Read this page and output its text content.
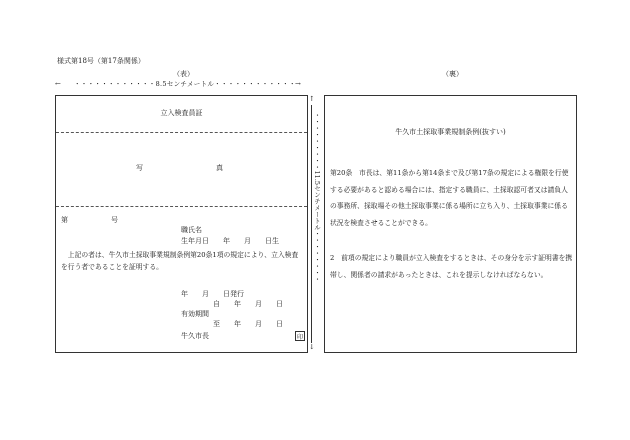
様式第18号（第17条関係）
（表）	（裏）
← ・・・・・・・・・・・・8.5センチメートル・・・・・・・・・・・・ →
立入検査員証
写	真
第	号
職氏名
生年月日　　年　　月　　日生
　上記の者は、牛久市土採取事業規制条例第20条1項の規定により、立入検査を行う者であることを証明する。
年　　月　　日発行
自　　年　　月　　日
有効期間
至　　年　　月　　日
牛久市長	印
↑
・・・・・・・・・11.5センチメートル・・・・・・・・
↓
牛久市土採取事業規制条例(抜すい)
第20条　市長は、第11条から第14条まで及び第17条の規定による権限を行使する必要があると認める場合には、指定する職員に、土採取認可者又は請負人の事務所、採取場その他土採取事業に係る場所に立ち入り、土採取事業に係る状況を検査させることができる。
2　前項の規定により職員が立入検査をするときは、その身分を示す証明書を携帯し、関係者の請求があったときは、これを提示しなければならない。
